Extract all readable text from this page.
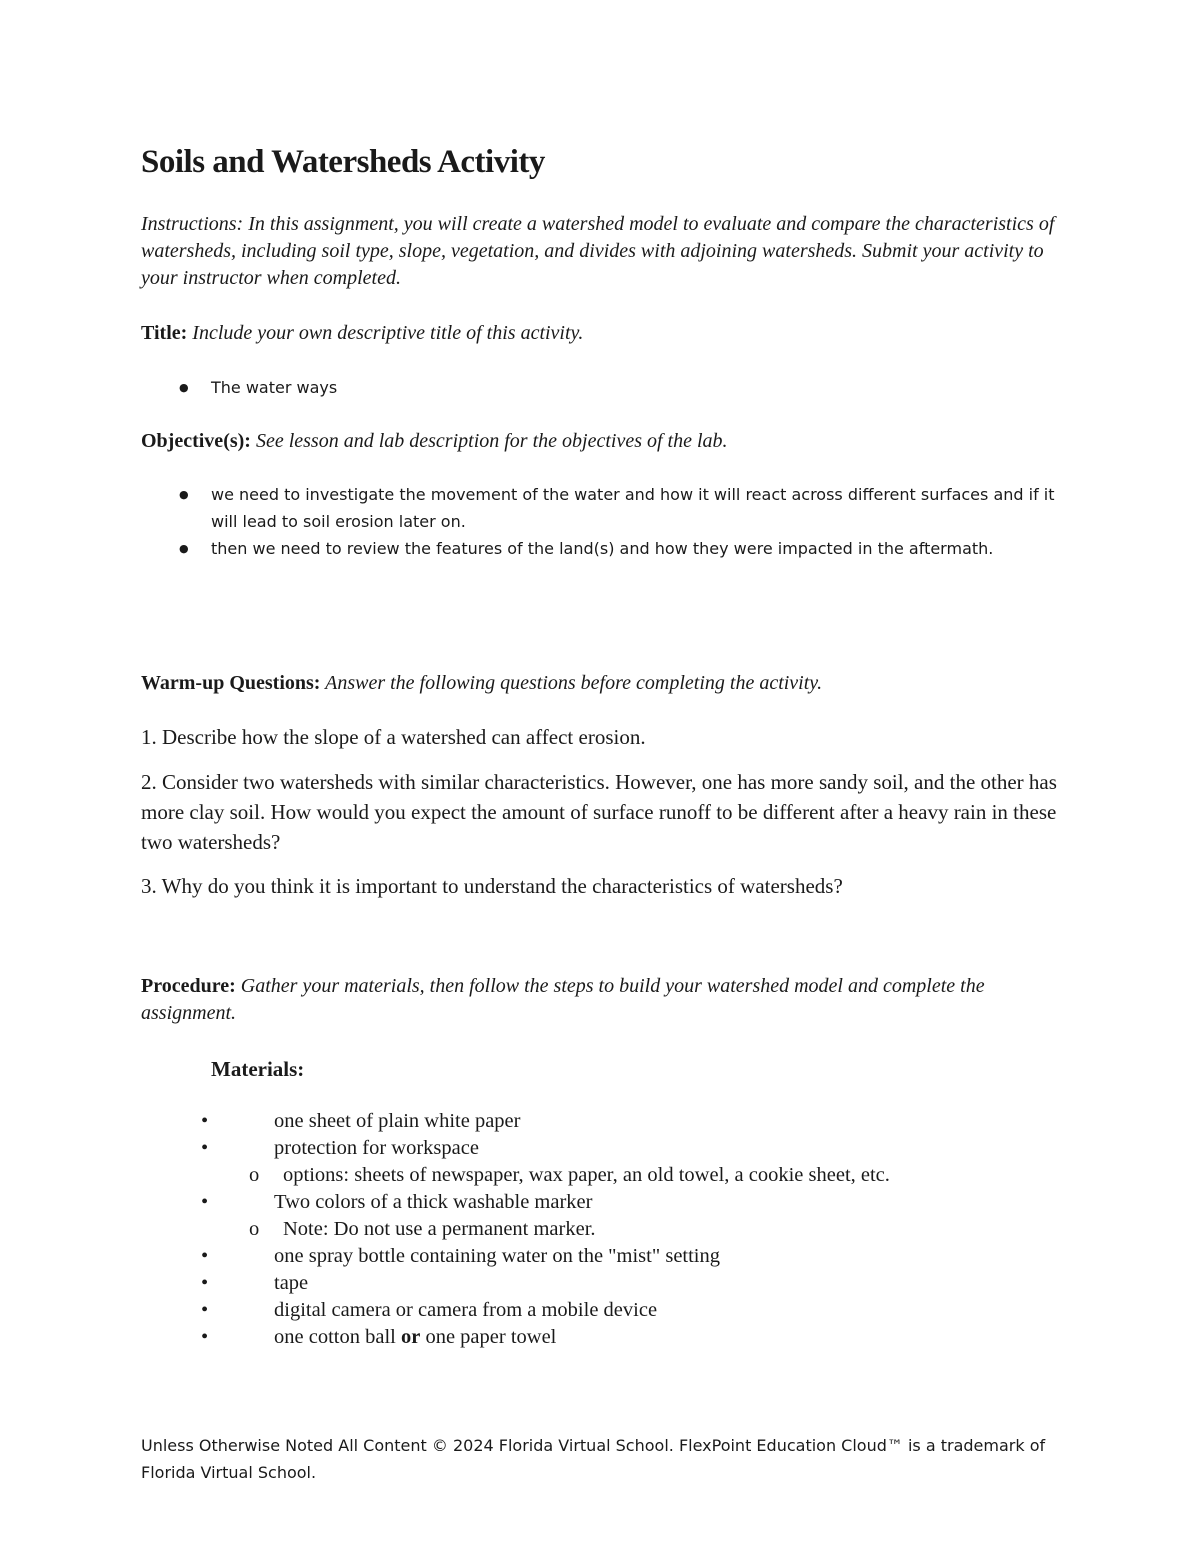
Soils and Watersheds Activity

Instructions: In this assignment, you will create a watershed model to evaluate and compare the characteristics of watersheds, including soil type, slope, vegetation, and divides with adjoining watersheds. Submit your activity to your instructor when completed.

Title: Include your own descriptive title of this activity.

● The water ways

Objective(s): See lesson and lab description for the objectives of the lab.

● we need to investigate the movement of the water and how it will react across different surfaces and if it will lead to soil erosion later on.
● then we need to review the features of the land(s) and how they were impacted in the aftermath.

Warm-up Questions: Answer the following questions before completing the activity.

1. Describe how the slope of a watershed can affect erosion.

2. Consider two watersheds with similar characteristics. However, one has more sandy soil, and the other has more clay soil. How would you expect the amount of surface runoff to be different after a heavy rain in these two watersheds?

3. Why do you think it is important to understand the characteristics of watersheds?

Procedure: Gather your materials, then follow the steps to build your watershed model and complete the assignment.

Materials:
•	one sheet of plain white paper
•	protection for workspace
o options: sheets of newspaper, wax paper, an old towel, a cookie sheet, etc.
•	Two colors of a thick washable marker
o Note: Do not use a permanent marker.
•	one spray bottle containing water on the "mist" setting
•	tape
•	digital camera or camera from a mobile device
•	one cotton ball or one paper towel

Unless Otherwise Noted All Content © 2024 Florida Virtual School. FlexPoint Education Cloud™ is a trademark of Florida Virtual School.
